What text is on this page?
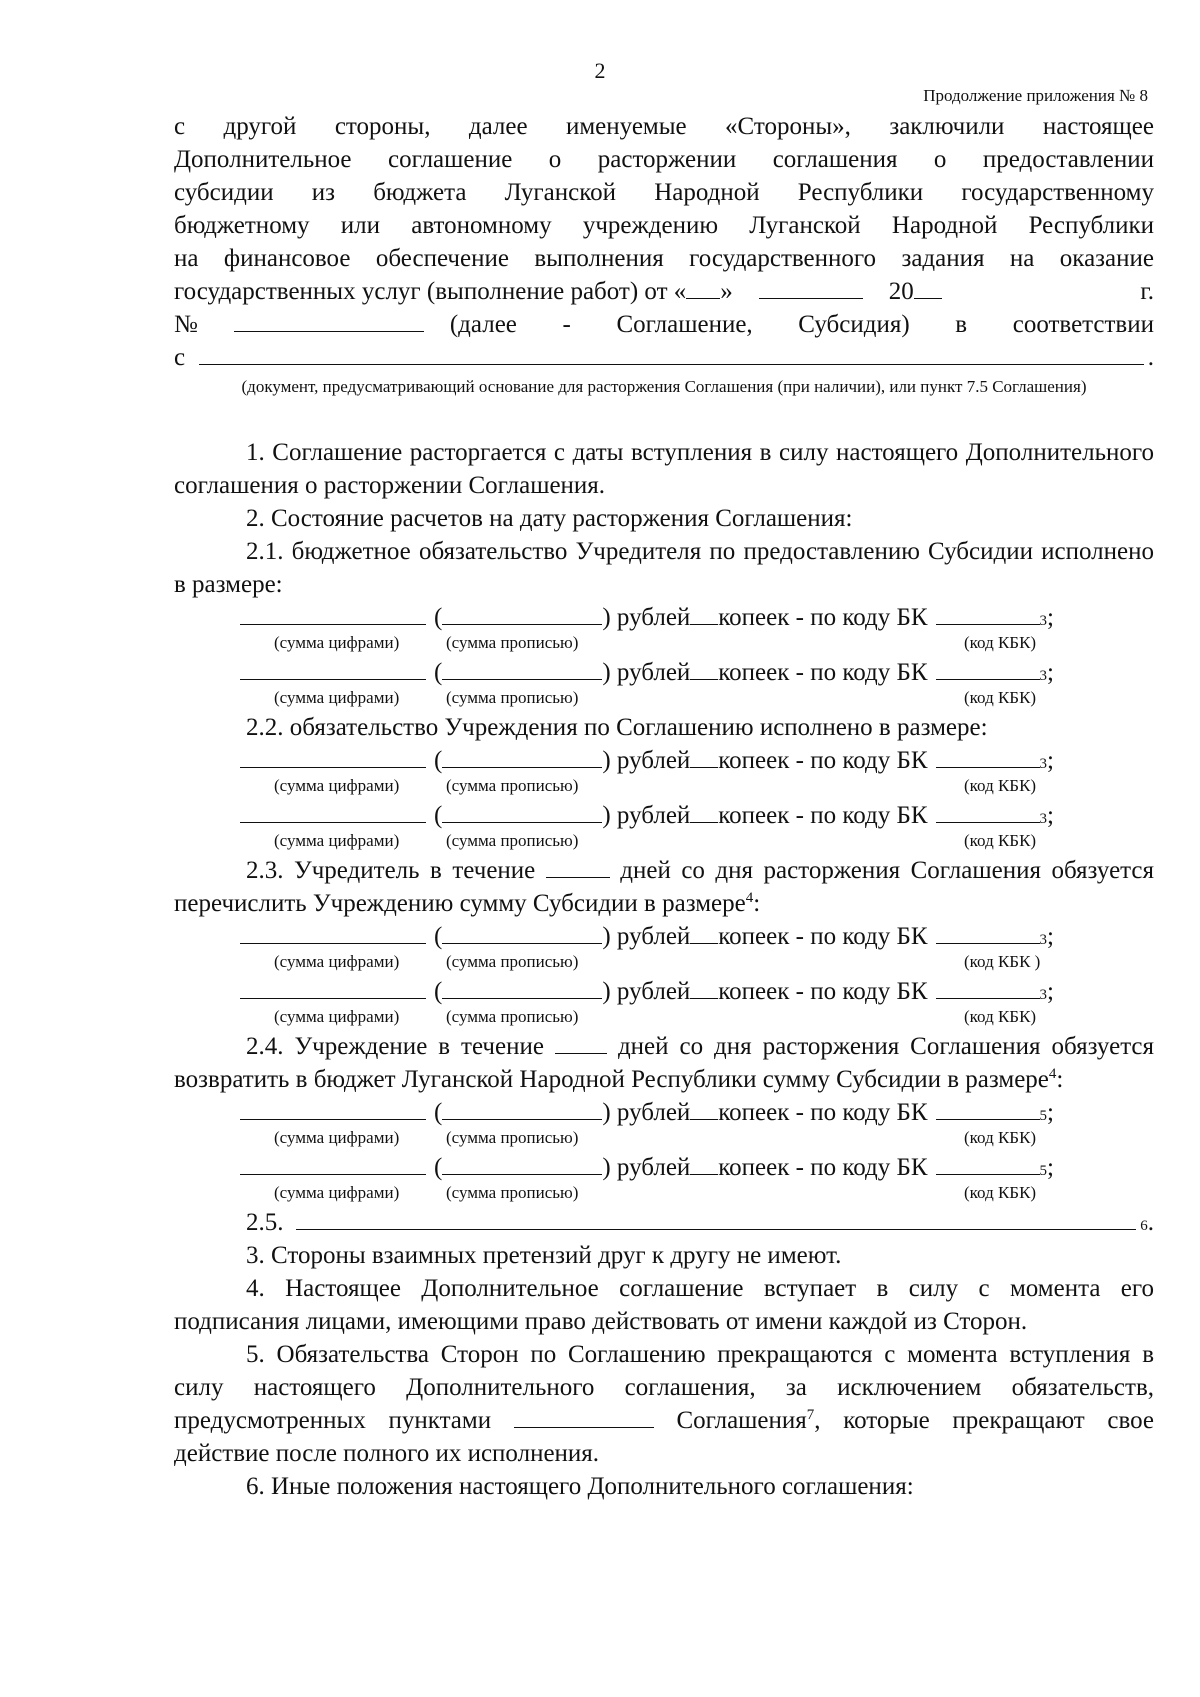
2
Продолжение приложения № 8

с другой стороны, далее именуемые «Стороны», заключили настоящее

Дополнительное соглашение о расторжении соглашения о предоставлении

субсидии из бюджета Луганской Народной Республики государственному

бюджетному или автономному учреждению Луганской Народной Республики

на финансовое обеспечение выполнения государственного задания на оказание

государственных услуг (выполнение работ) от « »	20	г.
№	(далее - Соглашение, Субсидия) в соответствии
с	.

(документ, предусматривающий основание для расторжения Соглашения (при наличии), или пункт 7.5 Соглашения)

1. Соглашение расторгается с даты вступления в силу настоящего Дополнительного соглашения о расторжении Соглашения.

2. Состояние расчетов на дату расторжения Соглашения:

2.1. бюджетное обязательство Учредителя по предоставлению Субсидии исполнено в размере:

(	) рублей копеек - по коду БК	3 ;
(сумма цифрами)	(сумма прописью)	(код КБК)
(	) рублей копеек - по коду БК	3 ;
(сумма цифрами)	(сумма прописью)	(код КБК)

2.2. обязательство Учреждения по Соглашению исполнено в размере:

(	) рублей копеек - по коду БК	3 ;
(сумма цифрами)	(сумма прописью)	(код КБК)
(	) рублей копеек - по коду БК	3 ;
(сумма цифрами)	(сумма прописью)	(код КБК)

2.3. Учредитель в течение	дней со дня расторжения Соглашения обязуется перечислить Учреждению сумму Субсидии в размере$^4$:

(	) рублей копеек - по коду БК	3 ;
(сумма цифрами)	(сумма прописью)	(код КБК )
(	) рублей копеек - по коду БК	3 ;
(сумма цифрами)	(сумма прописью)	(код КБК)

2.4. Учреждение в течение	дней со дня расторжения Соглашения обязуется возвратить в бюджет Луганской Народной Республики сумму Субсидии в размере$^4$:

(	) рублей копеек - по коду БК	5 ;
(сумма цифрами)	(сумма прописью)	(код КБК)
(	) рублей копеек - по коду БК	5 ;
(сумма цифрами)	(сумма прописью)	(код КБК)
2.5.	6 .

3. Стороны взаимных претензий друг к другу не имеют.

4. Настоящее Дополнительное соглашение вступает в силу с момента его подписания лицами, имеющими право действовать от имени каждой из Сторон.

5. Обязательства Сторон по Соглашению прекращаются с момента вступления в силу настоящего Дополнительного соглашения, за исключением обязательств, предусмотренных пунктами	Соглашения$^7$, которые прекращают свое действие после полного их исполнения.

6. Иные положения настоящего Дополнительного соглашения:
